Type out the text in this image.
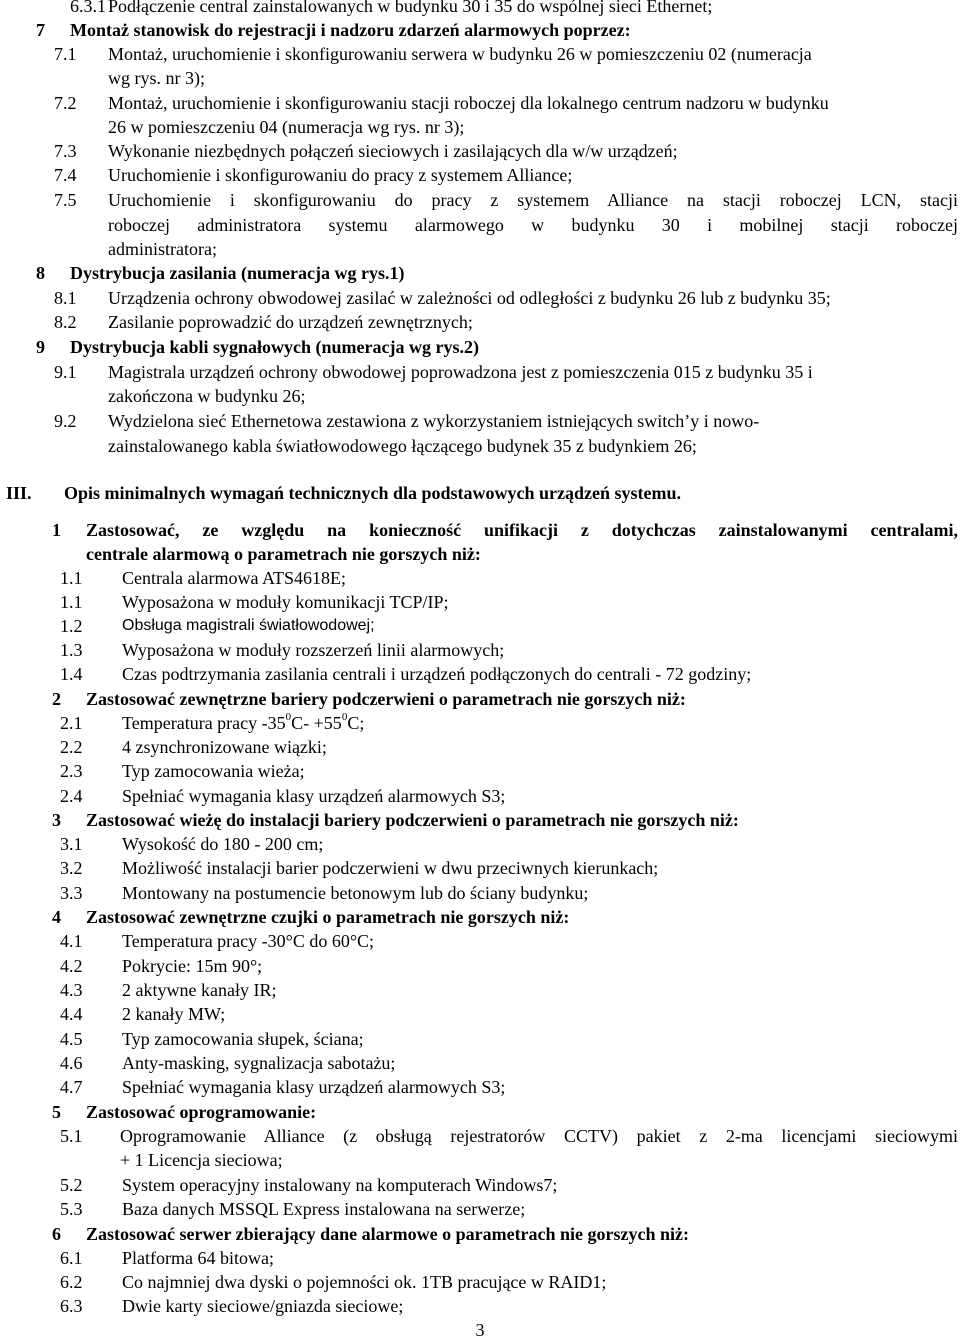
6.3.1 Podłączenie central zainstalowanych w budynku 30 i 35 do wspólnej sieci Ethernet;
7 Montaż stanowisk do rejestracji i nadzoru zdarzeń alarmowych poprzez:
7.1 Montaż, uruchomienie i skonfigurowaniu serwera w budynku 26 w pomieszczeniu 02 (numeracja
wg rys. nr 3);
7.2 Montaż, uruchomienie i skonfigurowaniu stacji roboczej dla lokalnego centrum nadzoru w budynku
26 w pomieszczeniu 04 (numeracja wg rys. nr 3);
7.3 Wykonanie niezbędnych połączeń sieciowych i zasilających dla w/w urządzeń;
7.4 Uruchomienie i skonfigurowaniu do pracy z systemem Alliance;
7.5 Uruchomienie i skonfigurowaniu do pracy z systemem Alliance na stacji roboczej LCN, stacji
roboczej administratora systemu alarmowego w budynku 30 i mobilnej stacji roboczej
administratora;
8 Dystrybucja zasilania (numeracja wg rys.1)
8.1 Urządzenia ochrony obwodowej zasilać w zależności od odległości z budynku 26 lub z budynku 35;
8.2 Zasilanie poprowadzić do urządzeń zewnętrznych;
9 Dystrybucja kabli sygnałowych (numeracja wg rys.2)
9.1 Magistrala urządzeń ochrony obwodowej poprowadzona jest z pomieszczenia 015 z budynku 35 i
zakończona w budynku 26;
9.2 Wydzielona sieć Ethernetowa zestawiona z wykorzystaniem istniejących switch’y i nowo-
zainstalowanego kabla światłowodowego łączącego budynek 35 z budynkiem 26;
III. Opis minimalnych wymagań technicznych dla podstawowych urządzeń systemu.
1 Zastosować, ze względu na konieczność unifikacji z dotychczas zainstalowanymi centralami,
centrale alarmową o parametrach nie gorszych niż:
1.1 Centrala alarmowa ATS4618E;
1.1 Wyposażona w moduły komunikacji TCP/IP;
1.2 Obsługa magistrali światłowodowej;
1.3 Wyposażona w moduły rozszerzeń linii alarmowych;
1.4 Czas podtrzymania zasilania centrali i urządzeń podłączonych do centrali - 72 godziny;
2 Zastosować zewnętrzne bariery podczerwieni o parametrach nie gorszych niż:
2.1 Temperatura pracy $-35^0C- +55^0C$;
2.2 4 zsynchronizowane wiązki;
2.3 Typ zamocowania wieża;
2.4 Spełniać wymagania klasy urządzeń alarmowych S3;
3 Zastosować wieżę do instalacji bariery podczerwieni o parametrach nie gorszych niż:
3.1 Wysokość do 180 - 200 cm;
3.2 Możliwość instalacji barier podczerwieni w dwu przeciwnych kierunkach;
3.3 Montowany na postumencie betonowym lub do ściany budynku;
4 Zastosować zewnętrzne czujki o parametrach nie gorszych niż:
4.1 Temperatura pracy -30°C do 60°C;
4.2 Pokrycie: 15m 90°;
4.3 2 aktywne kanały IR;
4.4 2 kanały MW;
4.5 Typ zamocowania słupek, ściana;
4.6 Anty-masking, sygnalizacja sabotażu;
4.7 Spełniać wymagania klasy urządzeń alarmowych S3;
5 Zastosować oprogramowanie:
5.1 Oprogramowanie Alliance (z obsługą rejestratorów CCTV) pakiet z 2-ma licencjami sieciowymi
+ 1 Licencja sieciowa;
5.2 System operacyjny instalowany na komputerach Windows7;
5.3 Baza danych MSSQL Express instalowana na serwerze;
6 Zastosować serwer zbierający dane alarmowe o parametrach nie gorszych niż:
6.1 Platforma 64 bitowa;
6.2 Co najmniej dwa dyski o pojemności ok. 1TB pracujące w RAID1;
6.3 Dwie karty sieciowe/gniazda sieciowe;
3
